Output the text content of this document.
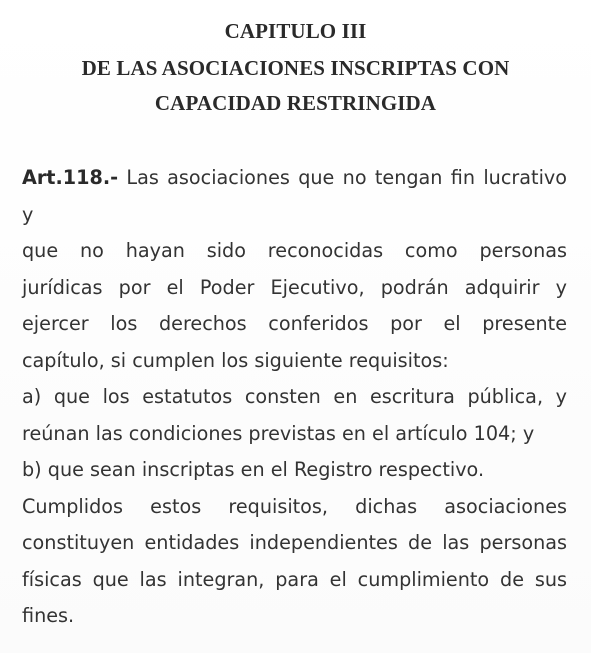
CAPITULO III
DE LAS ASOCIACIONES INSCRIPTAS CON
CAPACIDAD RESTRINGIDA
Art.118.- Las asociaciones que no tengan fin lucrativo y
que no hayan sido reconocidas como personas
jurídicas por el Poder Ejecutivo, podrán adquirir y
ejercer los derechos conferidos por el presente
capítulo, si cumplen los siguiente requisitos:
a) que los estatutos consten en escritura pública, y
reúnan las condiciones previstas en el artículo 104; y
b) que sean inscriptas en el Registro respectivo.
Cumplidos estos requisitos, dichas asociaciones
constituyen entidades independientes de las personas
físicas que las integran, para el cumplimiento de sus
fines.
